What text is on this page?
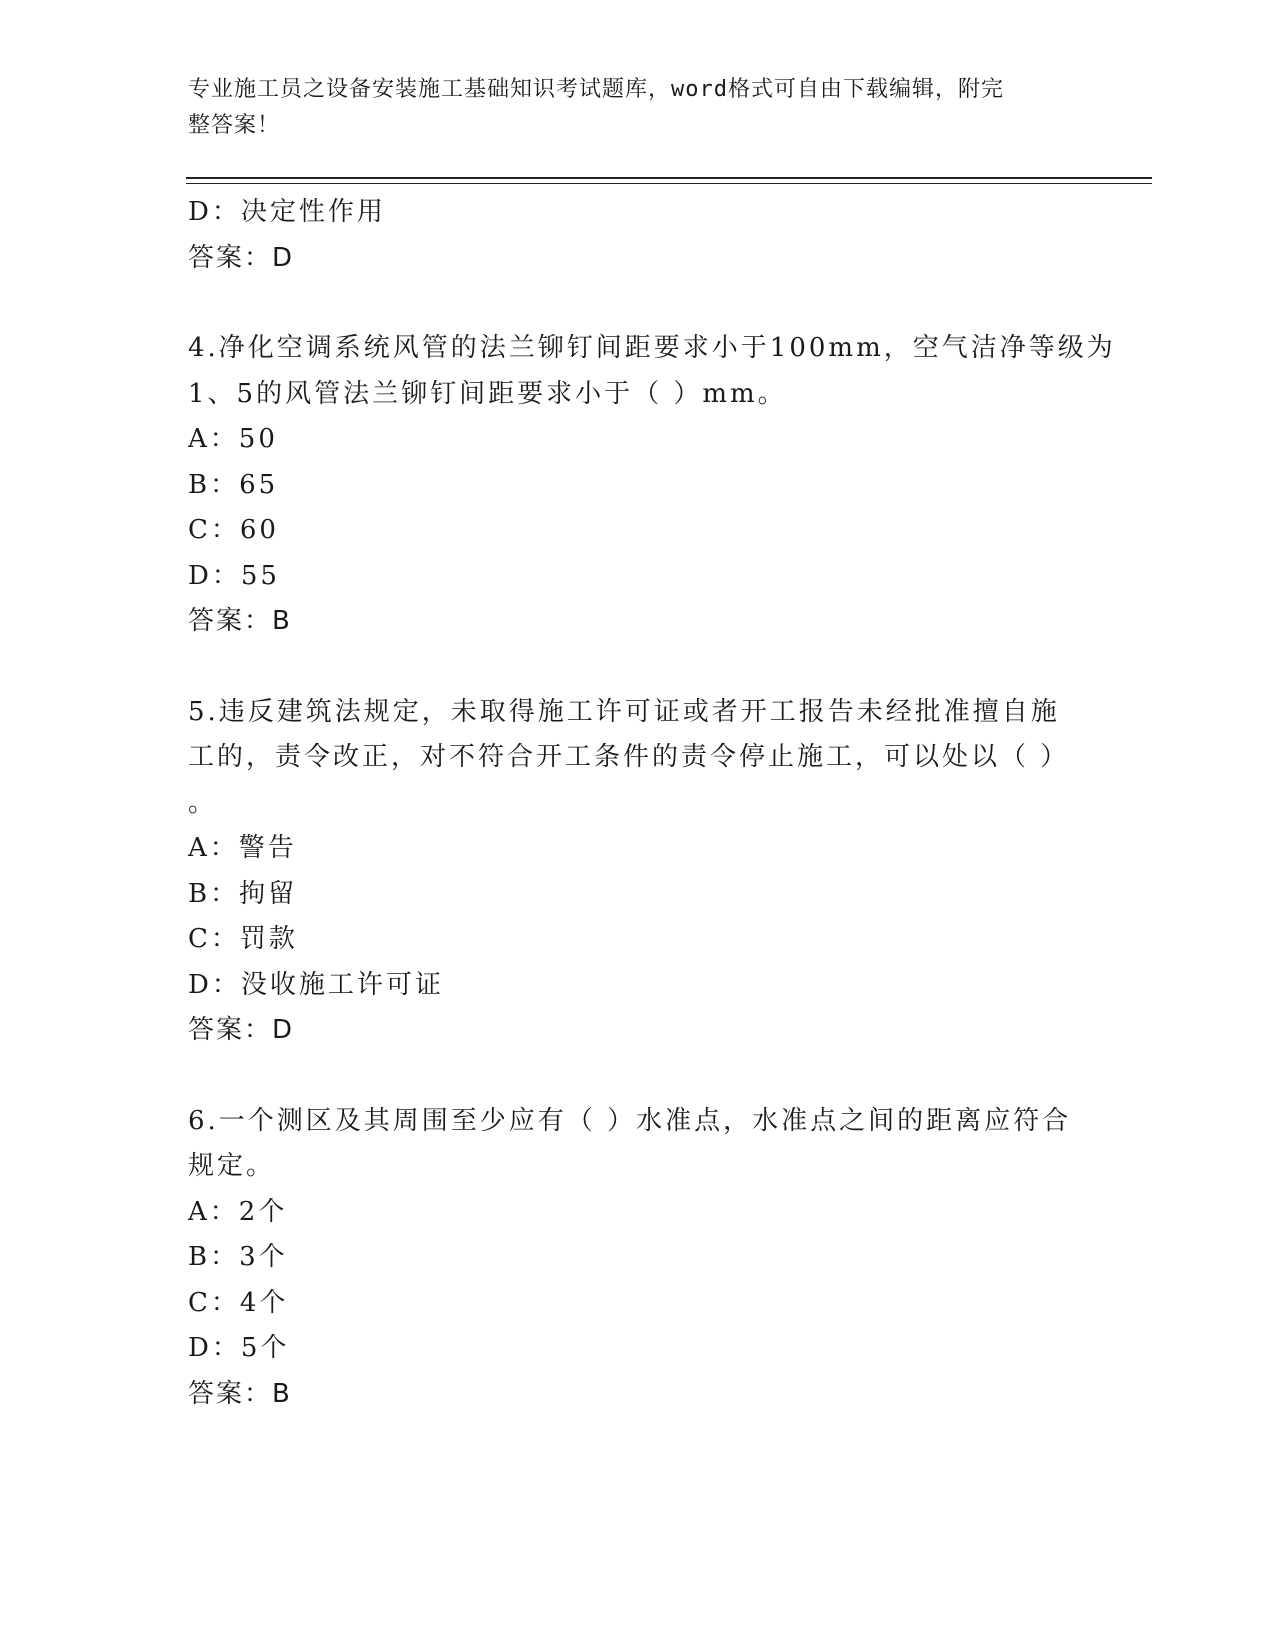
专业施工员之设备安装施工基础知识考试题库，word格式可自由下载编辑，附完
整答案！
D：决定性作用
答案：D
4.净化空调系统风管的法兰铆钉间距要求小于100mm，空气洁净等级为
1、5的风管法兰铆钉间距要求小于（ ）mm。
A：50
B：65
C：60
D：55
答案：B
5.违反建筑法规定，未取得施工许可证或者开工报告未经批准擅自施
工的，责令改正，对不符合开工条件的责令停止施工，可以处以（ ）
。
A：警告
B：拘留
C：罚款
D：没收施工许可证
答案：D
6.一个测区及其周围至少应有（ ）水准点，水准点之间的距离应符合
规定。
A：2个
B：3个
C：4个
D：5个
答案：B
